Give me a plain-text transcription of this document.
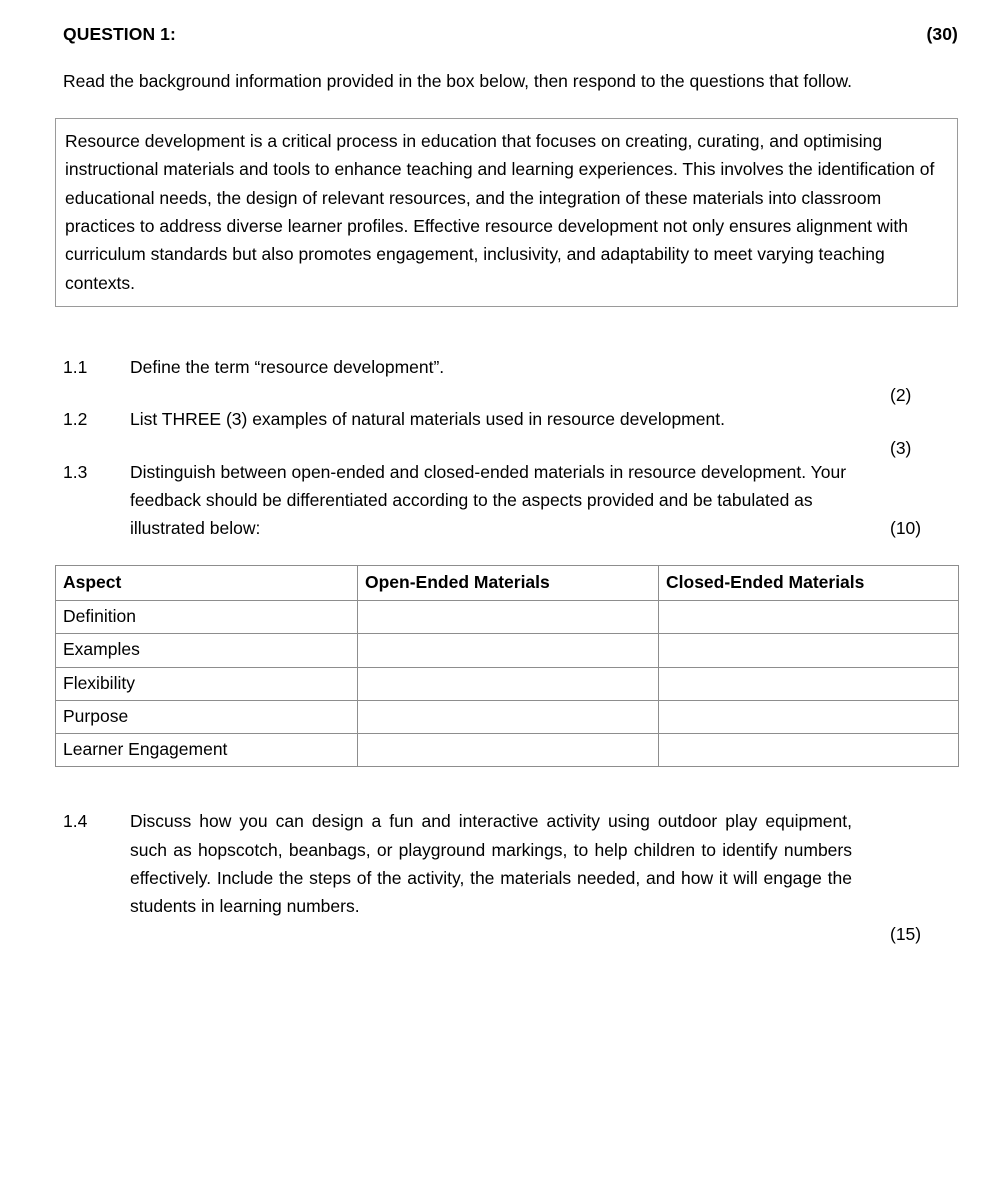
QUESTION 1:	(30)

Read the background information provided in the box below, then respond to the questions that follow.

Resource development is a critical process in education that focuses on creating, curating, and optimising instructional materials and tools to enhance teaching and learning experiences. This involves the identification of educational needs, the design of relevant resources, and the integration of these materials into classroom practices to address diverse learner profiles. Effective resource development not only ensures alignment with curriculum standards but also promotes engagement, inclusivity, and adaptability to meet varying teaching contexts.

1.1	Define the term “resource development”.
(2)
1.2	List THREE (3) examples of natural materials used in resource development.
(3)
1.3	Distinguish between open-ended and closed-ended materials in resource development. Your feedback should be differentiated according to the aspects provided and be tabulated as illustrated below:	(10)
Aspect	Open-Ended Materials	Closed-Ended Materials
Definition		
Examples		
Flexibility		
Purpose		
Learner Engagement		
1.4	Discuss how you can design a fun and interactive activity using outdoor play equipment, such as hopscotch, beanbags, or playground markings, to help children to identify numbers effectively. Include the steps of the activity, the materials needed, and how it will engage the students in learning numbers.
(15)
